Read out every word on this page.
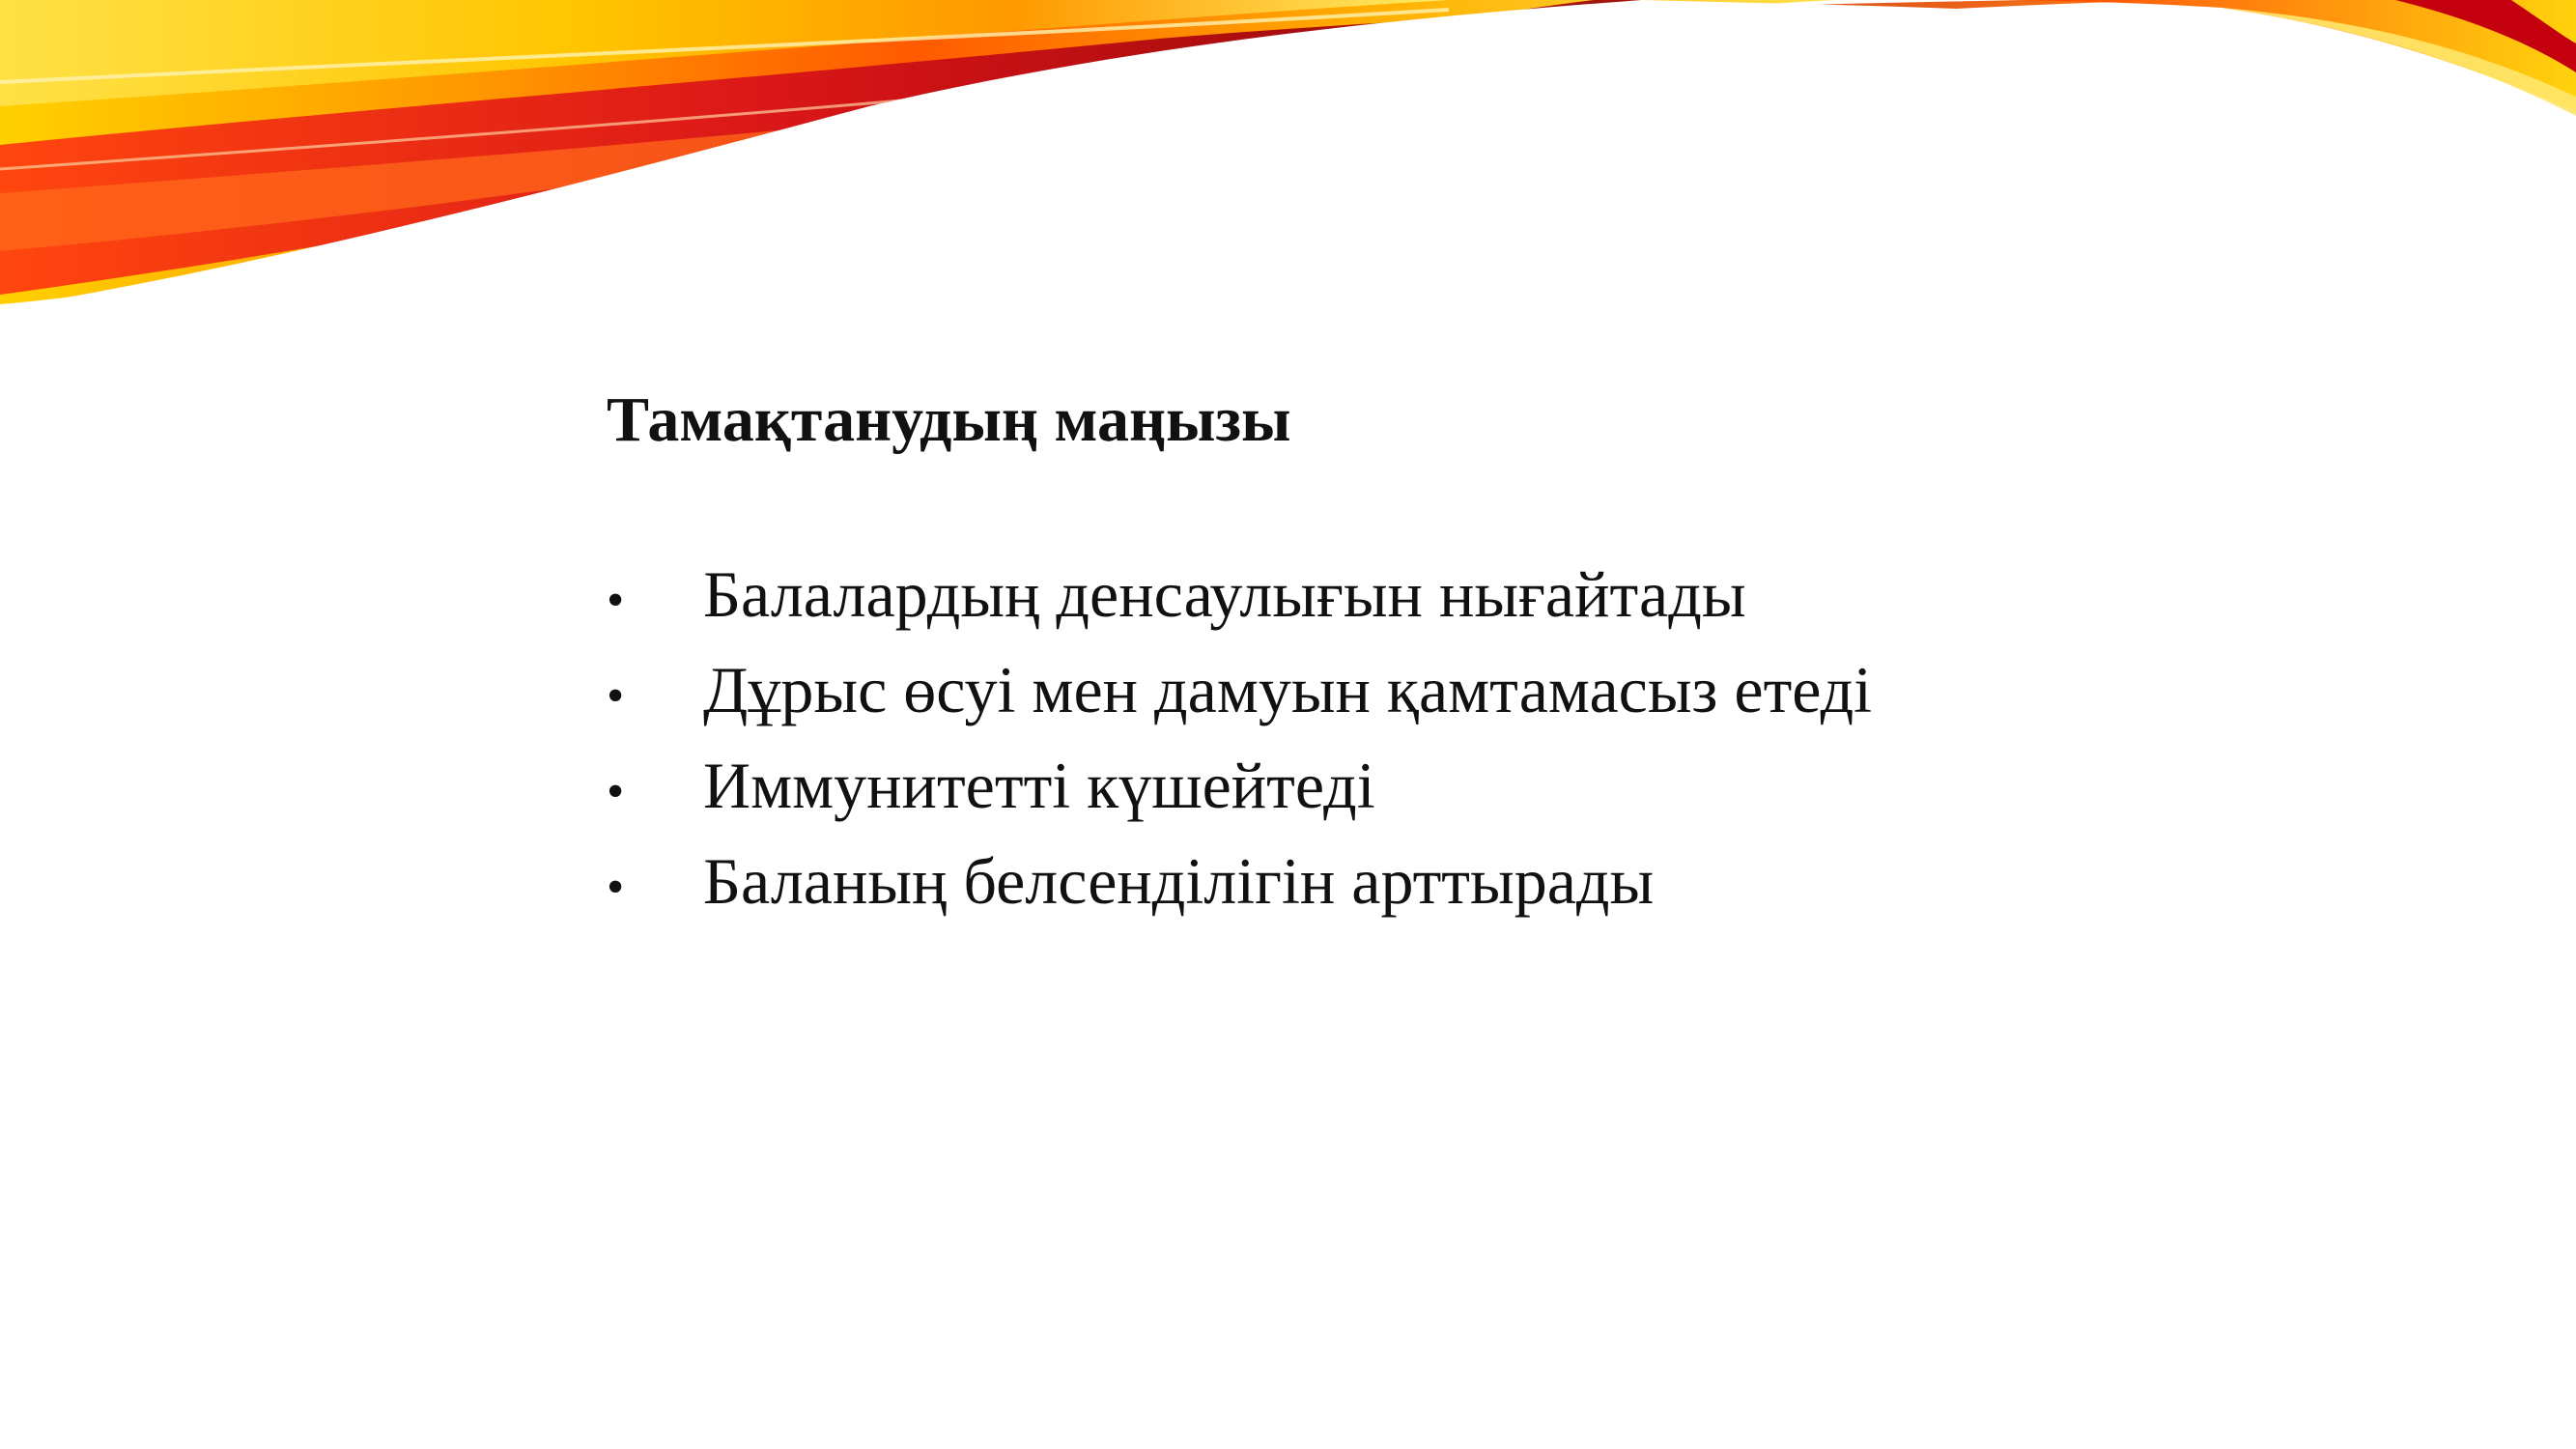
Тамақтанудың маңызы
•	Балалардың денсаулығын нығайтады
•	Дұрыс өсуі мен дамуын қамтамасыз етеді
•	Иммунитетті күшейтеді
•	Баланың белсенділігін арттырады
